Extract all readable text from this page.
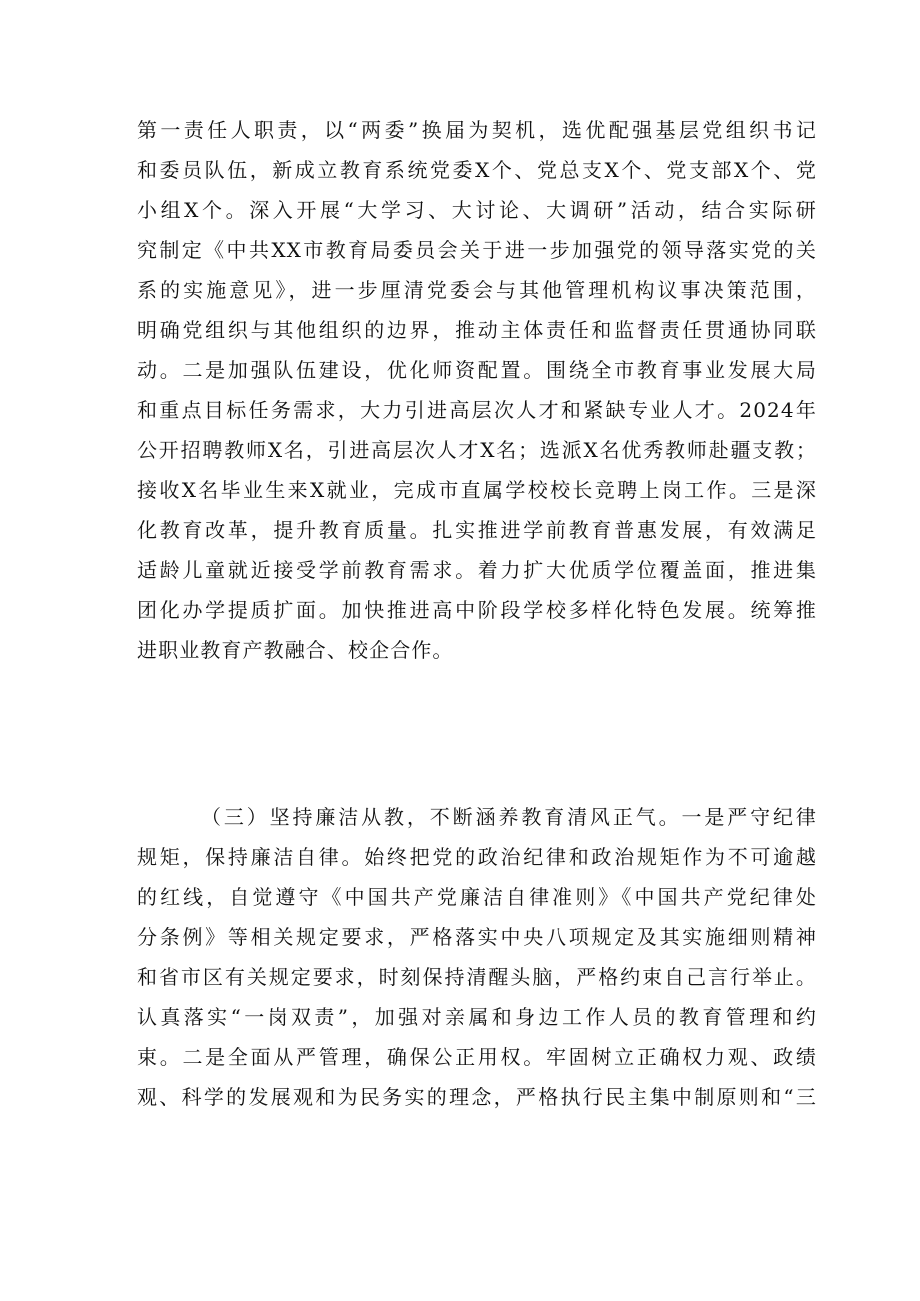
第一责任人职责，以“两委”换届为契机，选优配强基层党组织书记
和委员队伍，新成立教育系统党委X个、党总支X个、党支部X个、党
小组X个。深入开展“大学习、大讨论、大调研”活动，结合实际研
究制定《中共XX市教育局委员会关于进一步加强党的领导落实党的关
系的实施意见》，进一步厘清党委会与其他管理机构议事决策范围，
明确党组织与其他组织的边界，推动主体责任和监督责任贯通协同联
动。二是加强队伍建设，优化师资配置。围绕全市教育事业发展大局
和重点目标任务需求，大力引进高层次人才和紧缺专业人才。2024年
公开招聘教师X名，引进高层次人才X名；选派X名优秀教师赴疆支教；
接收X名毕业生来X就业，完成市直属学校校长竞聘上岗工作。三是深
化教育改革，提升教育质量。扎实推进学前教育普惠发展，有效满足
适龄儿童就近接受学前教育需求。着力扩大优质学位覆盖面，推进集
团化办学提质扩面。加快推进高中阶段学校多样化特色发展。统筹推
进职业教育产教融合、校企合作。
（三）坚持廉洁从教，不断涵养教育清风正气。一是严守纪律
规矩，保持廉洁自律。始终把党的政治纪律和政治规矩作为不可逾越
的红线，自觉遵守《中国共产党廉洁自律准则》《中国共产党纪律处
分条例》等相关规定要求，严格落实中央八项规定及其实施细则精神
和省市区有关规定要求，时刻保持清醒头脑，严格约束自己言行举止。
认真落实“一岗双责”，加强对亲属和身边工作人员的教育管理和约
束。二是全面从严管理，确保公正用权。牢固树立正确权力观、政绩
观、科学的发展观和为民务实的理念，严格执行民主集中制原则和“三
